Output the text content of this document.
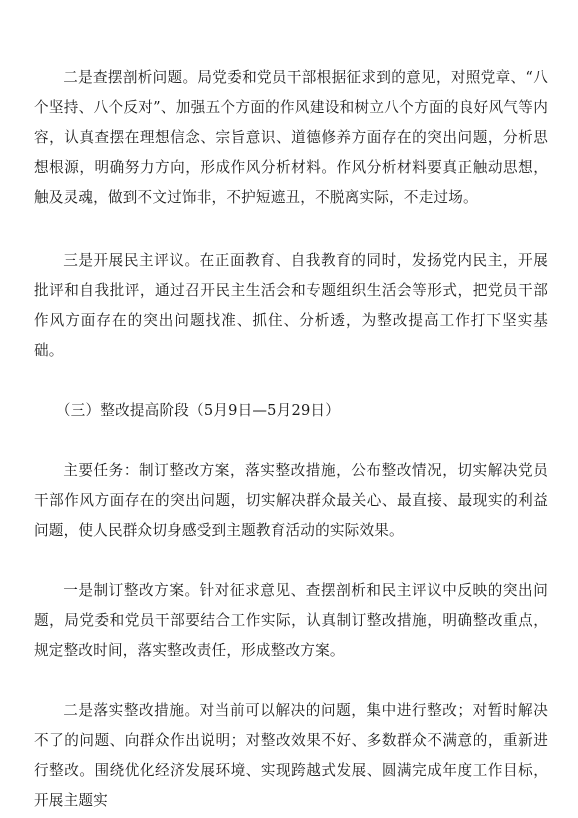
二是查摆剖析问题。局党委和党员干部根据征求到的意见，对照党章、“八个坚持、八个反对”、加强五个方面的作风建设和树立八个方面的良好风气等内容，认真查摆在理想信念、宗旨意识、道德修养方面存在的突出问题，分析思想根源，明确努力方向，形成作风分析材料。作风分析材料要真正触动思想，触及灵魂，做到不文过饰非，不护短遮丑，不脱离实际，不走过场。

三是开展民主评议。在正面教育、自我教育的同时，发扬党内民主，开展批评和自我批评，通过召开民主生活会和专题组织生活会等形式，把党员干部作风方面存在的突出问题找准、抓住、分析透，为整改提高工作打下坚实基础。

（三）整改提高阶段（5月9日—5月29日）

主要任务：制订整改方案，落实整改措施，公布整改情况，切实解决党员干部作风方面存在的突出问题，切实解决群众最关心、最直接、最现实的利益问题，使人民群众切身感受到主题教育活动的实际效果。

一是制订整改方案。针对征求意见、查摆剖析和民主评议中反映的突出问题，局党委和党员干部要结合工作实际，认真制订整改措施，明确整改重点，规定整改时间，落实整改责任，形成整改方案。

二是落实整改措施。对当前可以解决的问题，集中进行整改；对暂时解决不了的问题、向群众作出说明；对整改效果不好、多数群众不满意的，重新进行整改。围绕优化经济发展环境、实现跨越式发展、圆满完成年度工作目标，开展主题实
